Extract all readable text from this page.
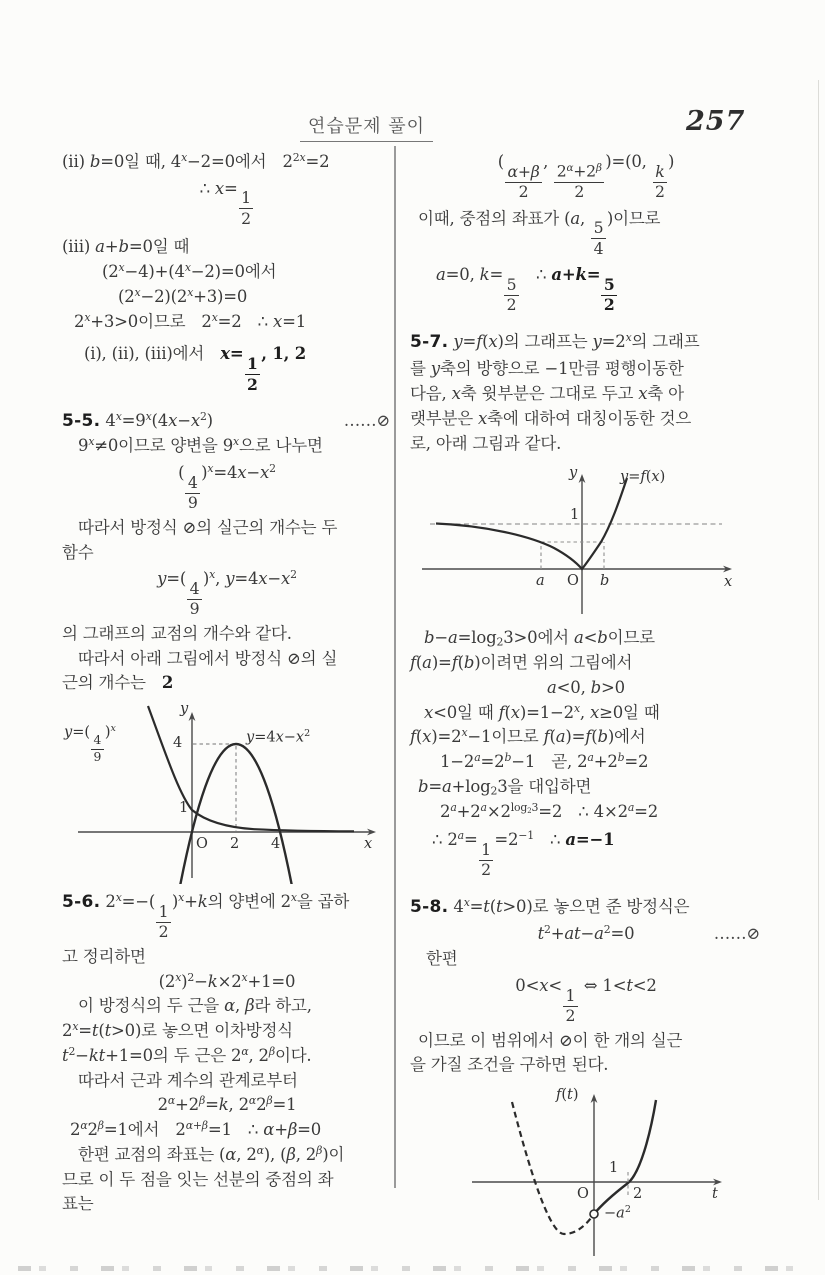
연습문제 풀이	257
(ⅱ) b=0일 때, $4^x-2=0$에서  $2^{2x}=2$
∴ x=
$\frac{1}{2}$
(ⅲ) a+b=0일 때
$(2^x-4)+(4^x-2)=0$에서
$(2^x-2)(2^x+3)=0$
$2^x+3>0$이므로  $2^x=2$  ∴ x=1
(ⅰ), (ⅱ), (ⅲ)에서  x=
$\frac{1}{2}$
, 1, 2
5-5. $4^x=9^x(4x-x^2)$	……⊘
$9^x\ne 0$이므로 양변을 9$^x$으로 나누면
(
$\frac{4}{9}$
)$^x=4x-x^2$
따라서 방정식 ⊘의 실근의 개수는 두
함수
y=(
$\frac{4}{9}$
)$^x$, $y=4x-x^2$
의 그래프의 교점의 개수와 같다.
따라서 아래 그림에서 방정식 ⊘의 실
근의 개수는  2
y
x
4
1
O 2 4
y=(
$\frac{4}{9}$
)$^x$
$y=4x-x^2$
5-6. $2^x=-$(
$\frac{1}{2}$
)$^x$+k의 양변에 2$^x$을 곱하
고 정리하면
$(2^x)^2-k\times 2^x+1=0$
이 방정식의 두 근을 α, β라 하고,
$2^x=t(t>0)$로 놓으면 이차방정식
$t^2-kt+1=0$의 두 근은 $2^\alpha$, $2^\beta$이다.
따라서 근과 계수의 관계로부터
$2^\alpha+2^\beta=k$, $2^\alpha 2^\beta=1$
$2^\alpha 2^\beta=1$에서  $2^{\alpha+\beta}=1$  ∴ α+β=0
한편 교점의 좌표는 (α, $2^\alpha$), (β, $2^\beta$)이
므로 이 두 점을 잇는 선분의 중점의 좌
표는
(
$\frac{\alpha+\beta}{2}$
,
$\frac{2^\alpha+2^\beta}{2}$
)=(0,
$\frac{k}{2}$
)
이때, 중점의 좌표가 (a,
$\frac{5}{4}$
)이므로
a=0, k=
$\frac{5}{2}$
  ∴ a+k=
$\frac{5}{2}$
5-7. y=f(x)의 그래프는 $y=2^x$의 그래프
를 y축의 방향으로 −1만큼 평행이동한
다음, x축 윗부분은 그대로 두고 x축 아
랫부분은 x축에 대하여 대칭이동한 것으
로, 아래 그림과 같다.
y
x
O
a	b
1
y=f(x)
$b-a=\log_23>0$에서 a<b이므로
f(a)=f(b)이려면 위의 그림에서
a<0, b>0
x<0일 때 $f(x)=1-2^x$, x≥0일 때
$f(x)=2^x-1$이므로 f(a)=f(b)에서
$1-2^a=2^b-1$  곧, $2^a+2^b=2$
$b=a+\log_23$을 대입하면
$2^a+2^a\times 2^{log_23}=2$  ∴ $4\times 2^a=2$
∴ $2^a=$
$\frac{1}{2}$
$=2^{-1}$  ∴ a=−1
5-8. $4^x=t(t>0)$로 놓으면 준 방정식은
$t^2+at-a^2=0$	……⊘
한편
0<x<
$\frac{1}{2}$
⇔ 1<t<2
이므로 이 범위에서 ⊘이 한 개의 실근
을 가질 조건을 구하면 된다.
f(t)
t
O
1
2
$-a^2$
